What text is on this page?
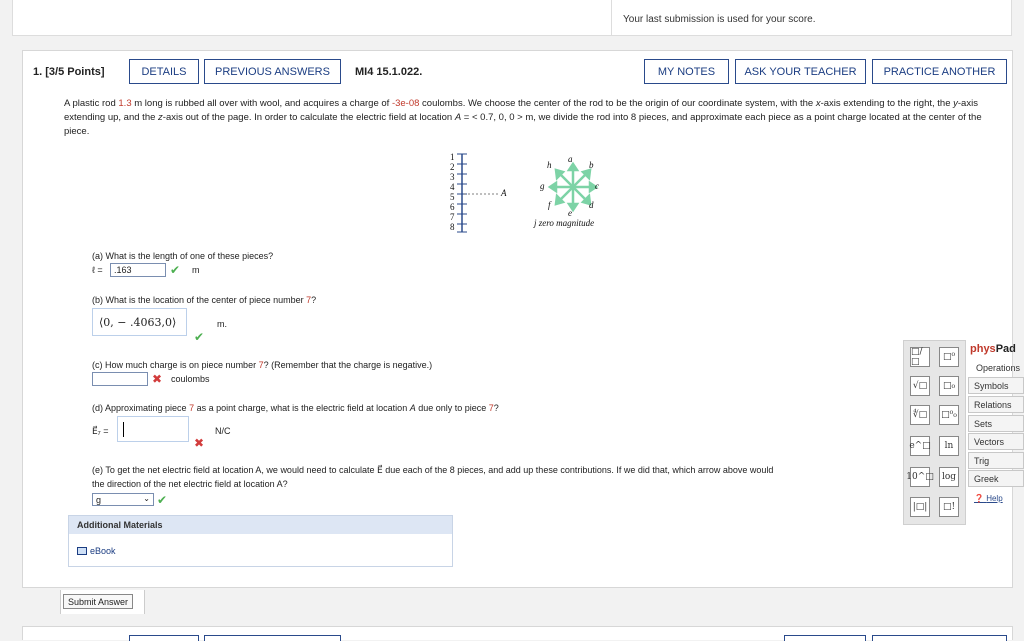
Your last submission is used for your score.
1. [3/5 Points]	DETAILS	PREVIOUS ANSWERS	MI4 15.1.022.	MY NOTES	ASK YOUR TEACHER	PRACTICE ANOTHER
A plastic rod 1.3 m long is rubbed all over with wool, and acquires a charge of -3e-08 coulombs. We choose the center of the rod to be the origin of our coordinate system, with the x-axis extending to the right, the y-axis extending up, and the z-axis out of the page. In order to calculate the electric field at location A = < 0.7, 0, 0 > m, we divide the rod into 8 pieces, and approximate each piece as a point charge located at the center of the piece.
1
2
3
4
5
6
7
8
A
a
b
c
d
e
f
g
h
j zero magnitude
(a) What is the length of one of these pieces?
ℓ =	.163	✔ m
(b) What is the location of the center of piece number 7?
⟨0, − .4063,0⟩	m.
✔
(c) How much charge is on piece number 7? (Remember that the charge is negative.)
✖ coulombs
(d) Approximating piece 7 as a point charge, what is the electric field at location A due only to piece 7?
E⃗₇ =	N/C
✖
(e) To get the net electric field at location A, we would need to calculate E⃗ due each of the 8 pieces, and add up these contributions. If we did that, which arrow above would
the direction of the net electric field at location A?
g	⌄ ✔
□/□	□⁰
√□	□₀
∜□	□⁰₀
e^□	ln
10^□ log
|□|	□!
physPad
Operations
Symbols
Relations
Sets
Vectors
Trig
Greek
❓ Help
Additional Materials
eBook
Submit Answer
